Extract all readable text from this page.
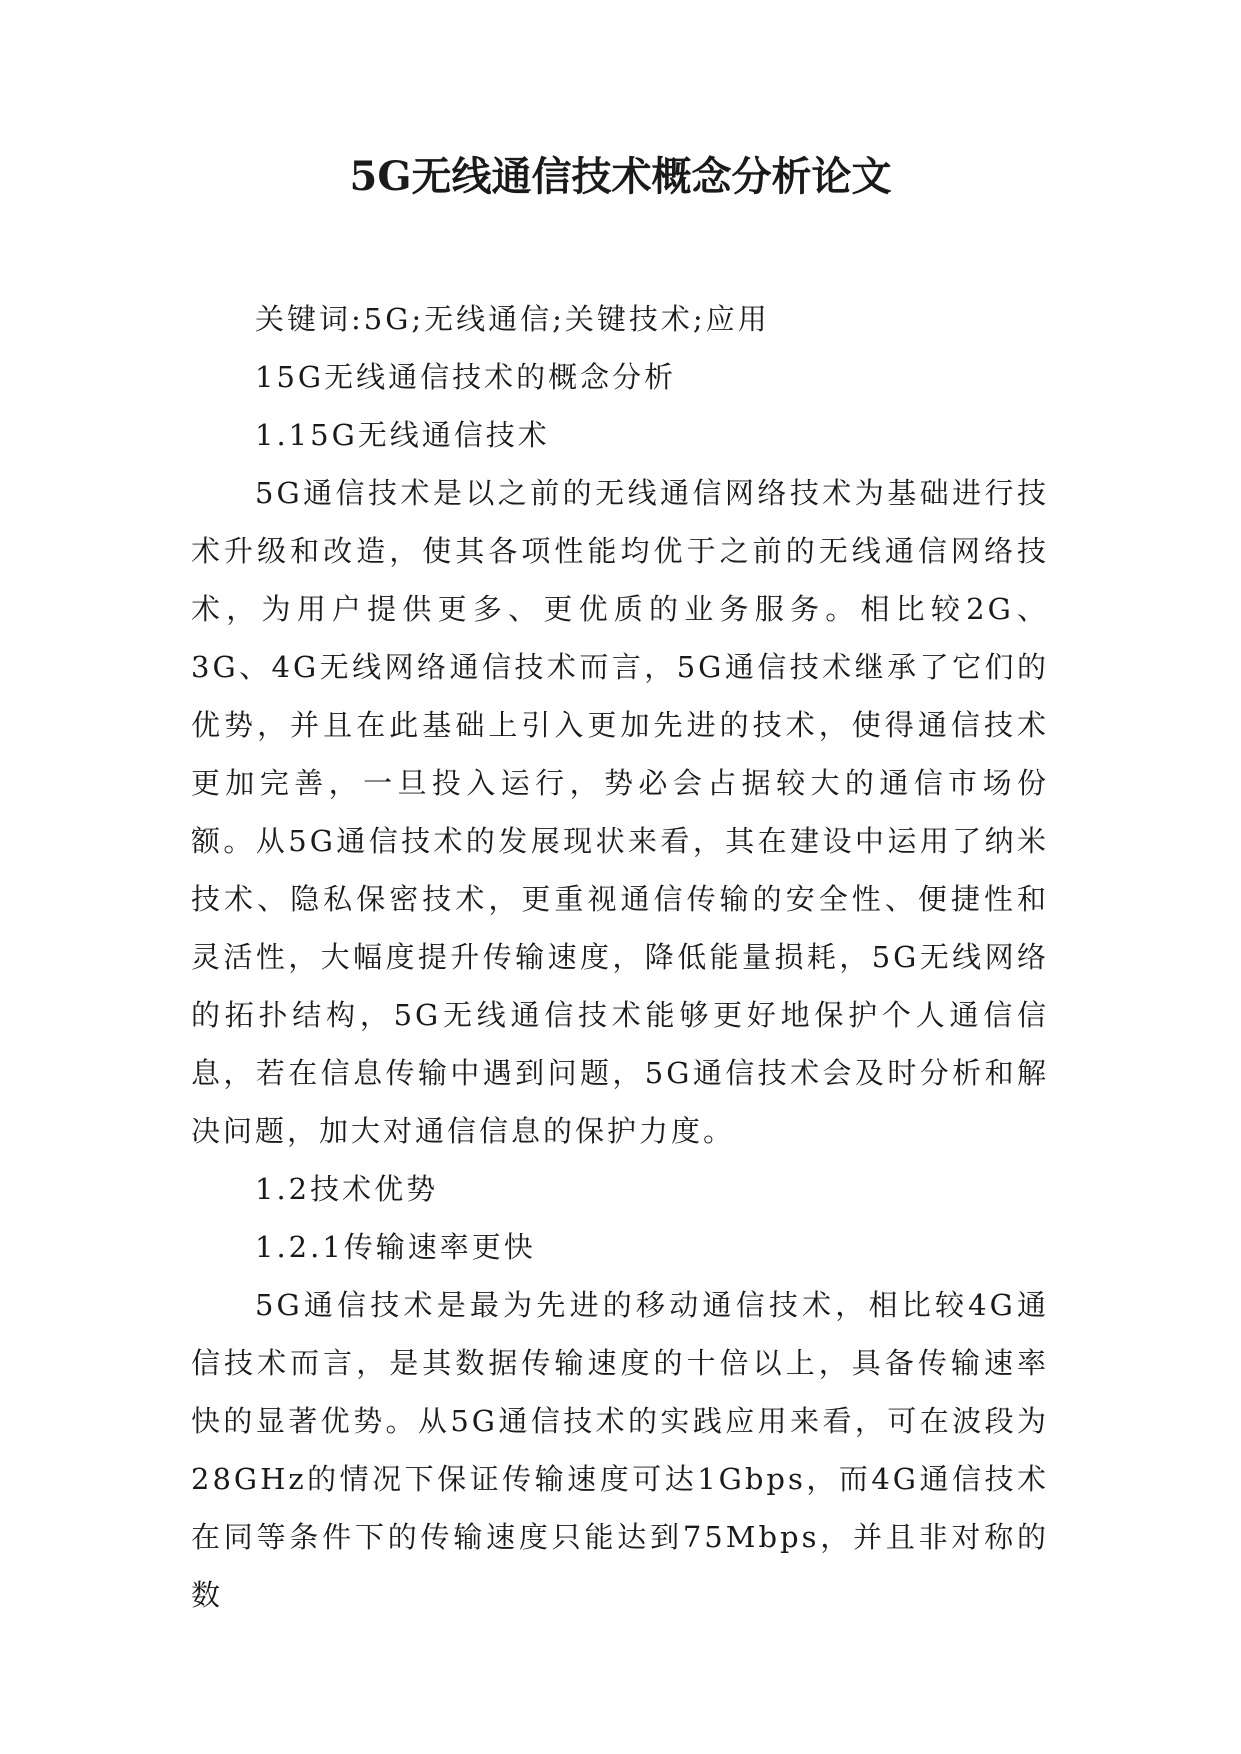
5G无线通信技术概念分析论文

关键词:5G;无线通信;关键技术;应用

15G无线通信技术的概念分析

1.15G无线通信技术

5G通信技术是以之前的无线通信网络技术为基础进行技术升级和改造，使其各项性能均优于之前的无线通信网络技术，为用户提供更多、更优质的业务服务。相比较2G、3G、4G无线网络通信技术而言，5G通信技术继承了它们的优势，并且在此基础上引入更加先进的技术，使得通信技术更加完善，一旦投入运行，势必会占据较大的通信市场份额。从5G通信技术的发展现状来看，其在建设中运用了纳米技术、隐私保密技术，更重视通信传输的安全性、便捷性和灵活性，大幅度提升传输速度，降低能量损耗，5G无线网络的拓扑结构，5G无线通信技术能够更好地保护个人通信信息，若在信息传输中遇到问题，5G通信技术会及时分析和解决问题，加大对通信信息的保护力度。

1.2技术优势

1.2.1传输速率更快

5G通信技术是最为先进的移动通信技术，相比较4G通信技术而言，是其数据传输速度的十倍以上，具备传输速率快的显著优势。从5G通信技术的实践应用来看，可在波段为28GHz的情况下保证传输速度可达1Gbps，而4G通信技术在同等条件下的传输速度只能达到75Mbps，并且非对称的数
